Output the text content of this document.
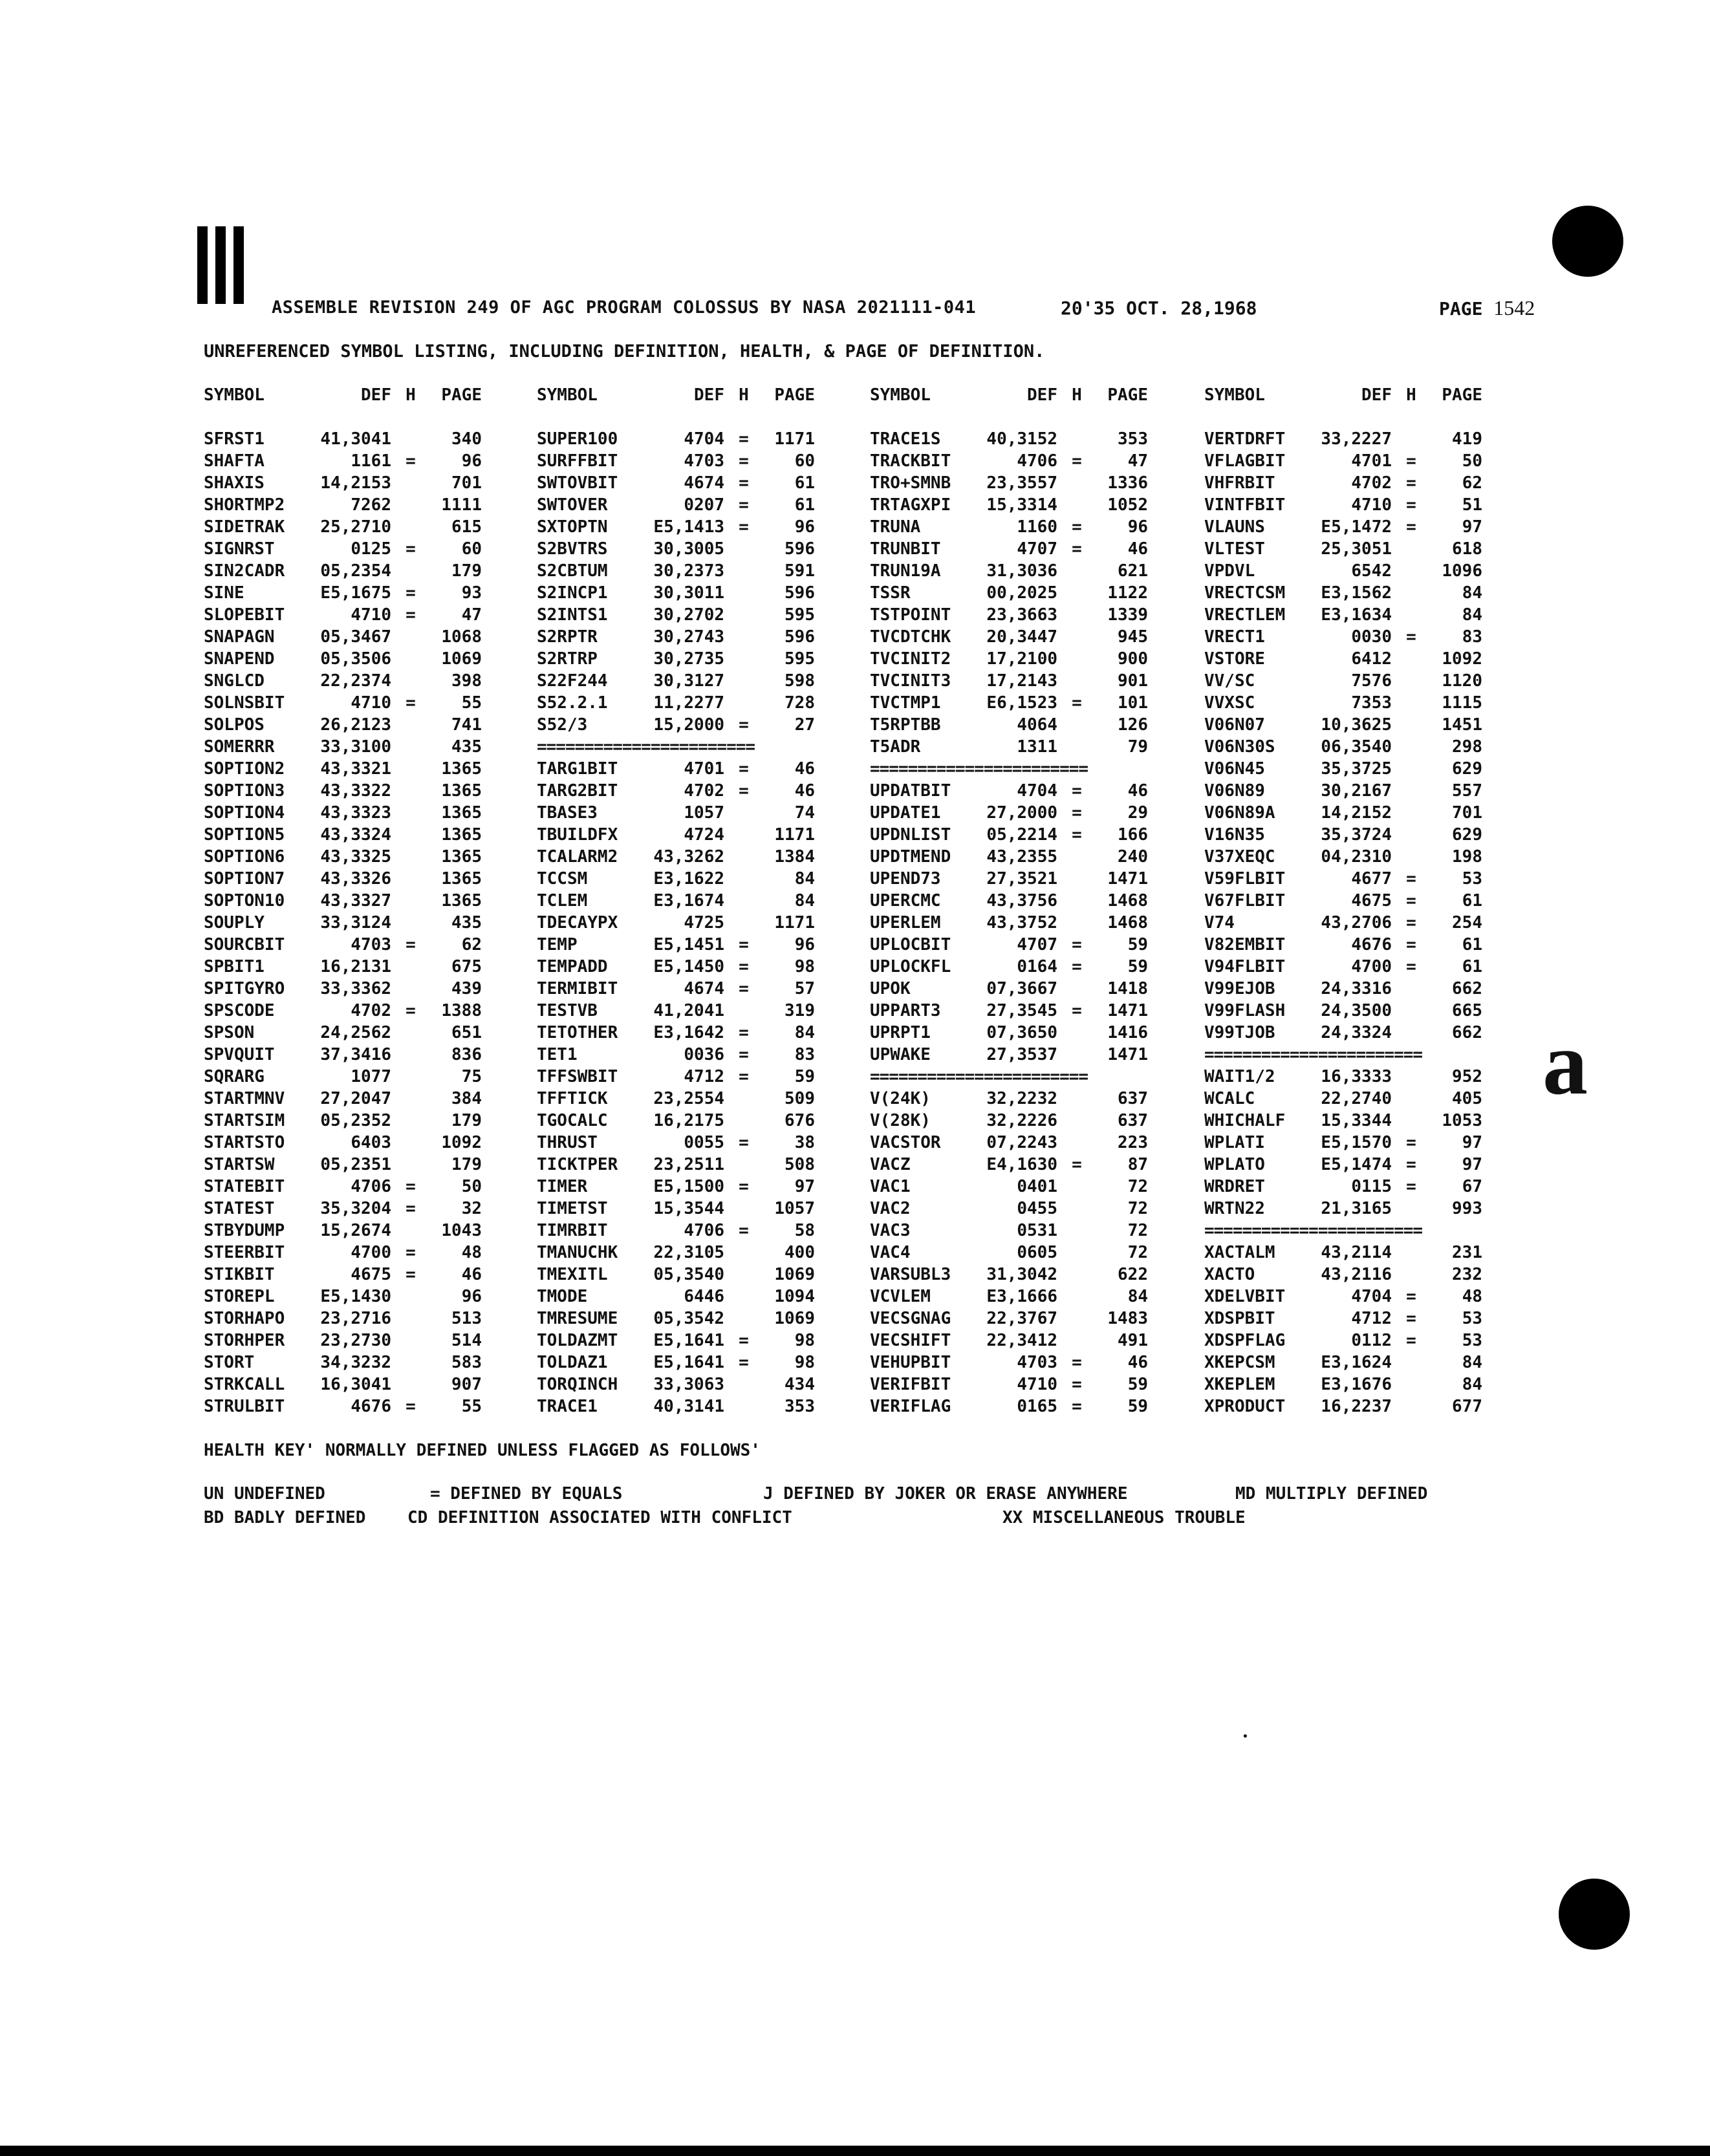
ASSEMBLE REVISION 249 OF AGC PROGRAM COLOSSUS BY NASA 2021111-041	20'35 OCT. 28,1968	PAGE 1542
UNREFERENCED SYMBOL LISTING, INCLUDING DEFINITION, HEALTH, & PAGE OF DEFINITION.
SYMBOL	DEF H	PAGE
SFRST1	41,3041	340
SHAFTA	1161 =	96
SHAXIS	14,2153	701
SHORTMP2	7262	1111
SIDETRAK	25,2710	615
SIGNRST	0125 =	60
SIN2CADR	05,2354	179
SINE	E5,1675 =	93
SLOPEBIT	4710 =	47
SNAPAGN	05,3467	1068
SNAPEND	05,3506	1069
SNGLCD	22,2374	398
SOLNSBIT	4710 =	55
SOLPOS	26,2123	741
SOMERRR	33,3100	435
SOPTION2	43,3321	1365
SOPTION3	43,3322	1365
SOPTION4	43,3323	1365
SOPTION5	43,3324	1365
SOPTION6	43,3325	1365
SOPTION7	43,3326	1365
SOPTON10	43,3327	1365
SOUPLY	33,3124	435
SOURCBIT	4703 =	62
SPBIT1	16,2131	675
SPITGYRO	33,3362	439
SPSCODE	4702 =	1388
SPSON	24,2562	651
SPVQUIT	37,3416	836
SQRARG	1077	75
STARTMNV	27,2047	384
STARTSIM	05,2352	179
STARTSTO	6403	1092
STARTSW	05,2351	179
STATEBIT	4706 =	50
STATEST	35,3204 =	32
STBYDUMP	15,2674	1043
STEERBIT	4700 =	48
STIKBIT	4675 =	46
STOREPL	E5,1430	96
STORHAPO	23,2716	513
STORHPER	23,2730	514
STORT	34,3232	583
STRKCALL	16,3041	907
STRULBIT	4676 =	55
SYMBOL	DEF H	PAGE
SUPER100	4704 =	1171
SURFFBIT	4703 =	60
SWTOVBIT	4674 =	61
SWTOVER	0207 =	61
SXTOPTN	E5,1413 =	96
S2BVTRS	30,3005	596
S2CBTUM	30,2373	591
S2INCP1	30,3011	596
S2INTS1	30,2702	595
S2RPTR	30,2743	596
S2RTRP	30,2735	595
S22F244	30,3127	598
S52.2.1	11,2277	728
S52/3	15,2000 =	27
=======================
TARG1BIT	4701 =	46
TARG2BIT	4702 =	46
TBASE3	1057	74
TBUILDFX	4724	1171
TCALARM2	43,3262	1384
TCCSM	E3,1622	84
TCLEM	E3,1674	84
TDECAYPX	4725	1171
TEMP	E5,1451 =	96
TEMPADD	E5,1450 =	98
TERMIBIT	4674 =	57
TESTVB	41,2041	319
TETOTHER	E3,1642 =	84
TET1	0036 =	83
TFFSWBIT	4712 =	59
TFFTICK	23,2554	509
TGOCALC	16,2175	676
THRUST	0055 =	38
TICKTPER	23,2511	508
TIMER	E5,1500 =	97
TIMETST	15,3544	1057
TIMRBIT	4706 =	58
TMANUCHK	22,3105	400
TMEXITL	05,3540	1069
TMODE	6446	1094
TMRESUME	05,3542	1069
TOLDAZMT	E5,1641 =	98
TOLDAZ1	E5,1641 =	98
TORQINCH	33,3063	434
TRACE1	40,3141	353
SYMBOL	DEF H	PAGE
TRACE1S	40,3152	353
TRACKBIT	4706 =	47
TRO+SMNB	23,3557	1336
TRTAGXPI	15,3314	1052
TRUNA	1160 =	96
TRUNBIT	4707 =	46
TRUN19A	31,3036	621
TSSR	00,2025	1122
TSTPOINT	23,3663	1339
TVCDTCHK	20,3447	945
TVCINIT2	17,2100	900
TVCINIT3	17,2143	901
TVCTMP1	E6,1523 =	101
T5RPTBB	4064	126
T5ADR	1311	79
=======================
UPDATBIT	4704 =	46
UPDATE1	27,2000 =	29
UPDNLIST	05,2214 =	166
UPDTMEND	43,2355	240
UPEND73	27,3521	1471
UPERCMC	43,3756	1468
UPERLEM	43,3752	1468
UPLOCBIT	4707 =	59
UPLOCKFL	0164 =	59
UPOK	07,3667	1418
UPPART3	27,3545 =	1471
UPRPT1	07,3650	1416
UPWAKE	27,3537	1471
=======================
V(24K)	32,2232	637
V(28K)	32,2226	637
VACSTOR	07,2243	223
VACZ	E4,1630 =	87
VAC1	0401	72
VAC2	0455	72
VAC3	0531	72
VAC4	0605	72
VARSUBL3	31,3042	622
VCVLEM	E3,1666	84
VECSGNAG	22,3767	1483
VECSHIFT	22,3412	491
VEHUPBIT	4703 =	46
VERIFBIT	4710 =	59
VERIFLAG	0165 =	59
SYMBOL	DEF H	PAGE
VERTDRFT	33,2227	419
VFLAGBIT	4701 =	50
VHFRBIT	4702 =	62
VINTFBIT	4710 =	51
VLAUNS	E5,1472 =	97
VLTEST	25,3051	618
VPDVL	6542	1096
VRECTCSM	E3,1562	84
VRECTLEM	E3,1634	84
VRECT1	0030 =	83
VSTORE	6412	1092
VV/SC	7576	1120
VVXSC	7353	1115
V06N07	10,3625	1451
V06N30S	06,3540	298
V06N45	35,3725	629
V06N89	30,2167	557
V06N89A	14,2152	701
V16N35	35,3724	629
V37XEQC	04,2310	198
V59FLBIT	4677 =	53
V67FLBIT	4675 =	61
V74	43,2706 =	254
V82EMBIT	4676 =	61
V94FLBIT	4700 =	61
V99EJOB	24,3316	662
V99FLASH	24,3500	665
V99TJOB	24,3324	662
=======================
WAIT1/2	16,3333	952
WCALC	22,2740	405
WHICHALF	15,3344	1053
WPLATI	E5,1570 =	97
WPLATO	E5,1474 =	97
WRDRET	0115 =	67
WRTN22	21,3165	993
=======================
XACTALM	43,2114	231
XACTO	43,2116	232
XDELVBIT	4704 =	48
XDSPBIT	4712 =	53
XDSPFLAG	0112 =	53
XKEPCSM	E3,1624	84
XKEPLEM	E3,1676	84
XPRODUCT	16,2237	677
HEALTH KEY' NORMALLY DEFINED UNLESS FLAGGED AS FOLLOWS'
UN UNDEFINED	= DEFINED BY EQUALS	J DEFINED BY JOKER OR ERASE ANYWHERE	MD MULTIPLY DEFINED
BD BADLY DEFINED CD DEFINITION ASSOCIATED WITH CONFLICT	XX MISCELLANEOUS TROUBLE
a
•
